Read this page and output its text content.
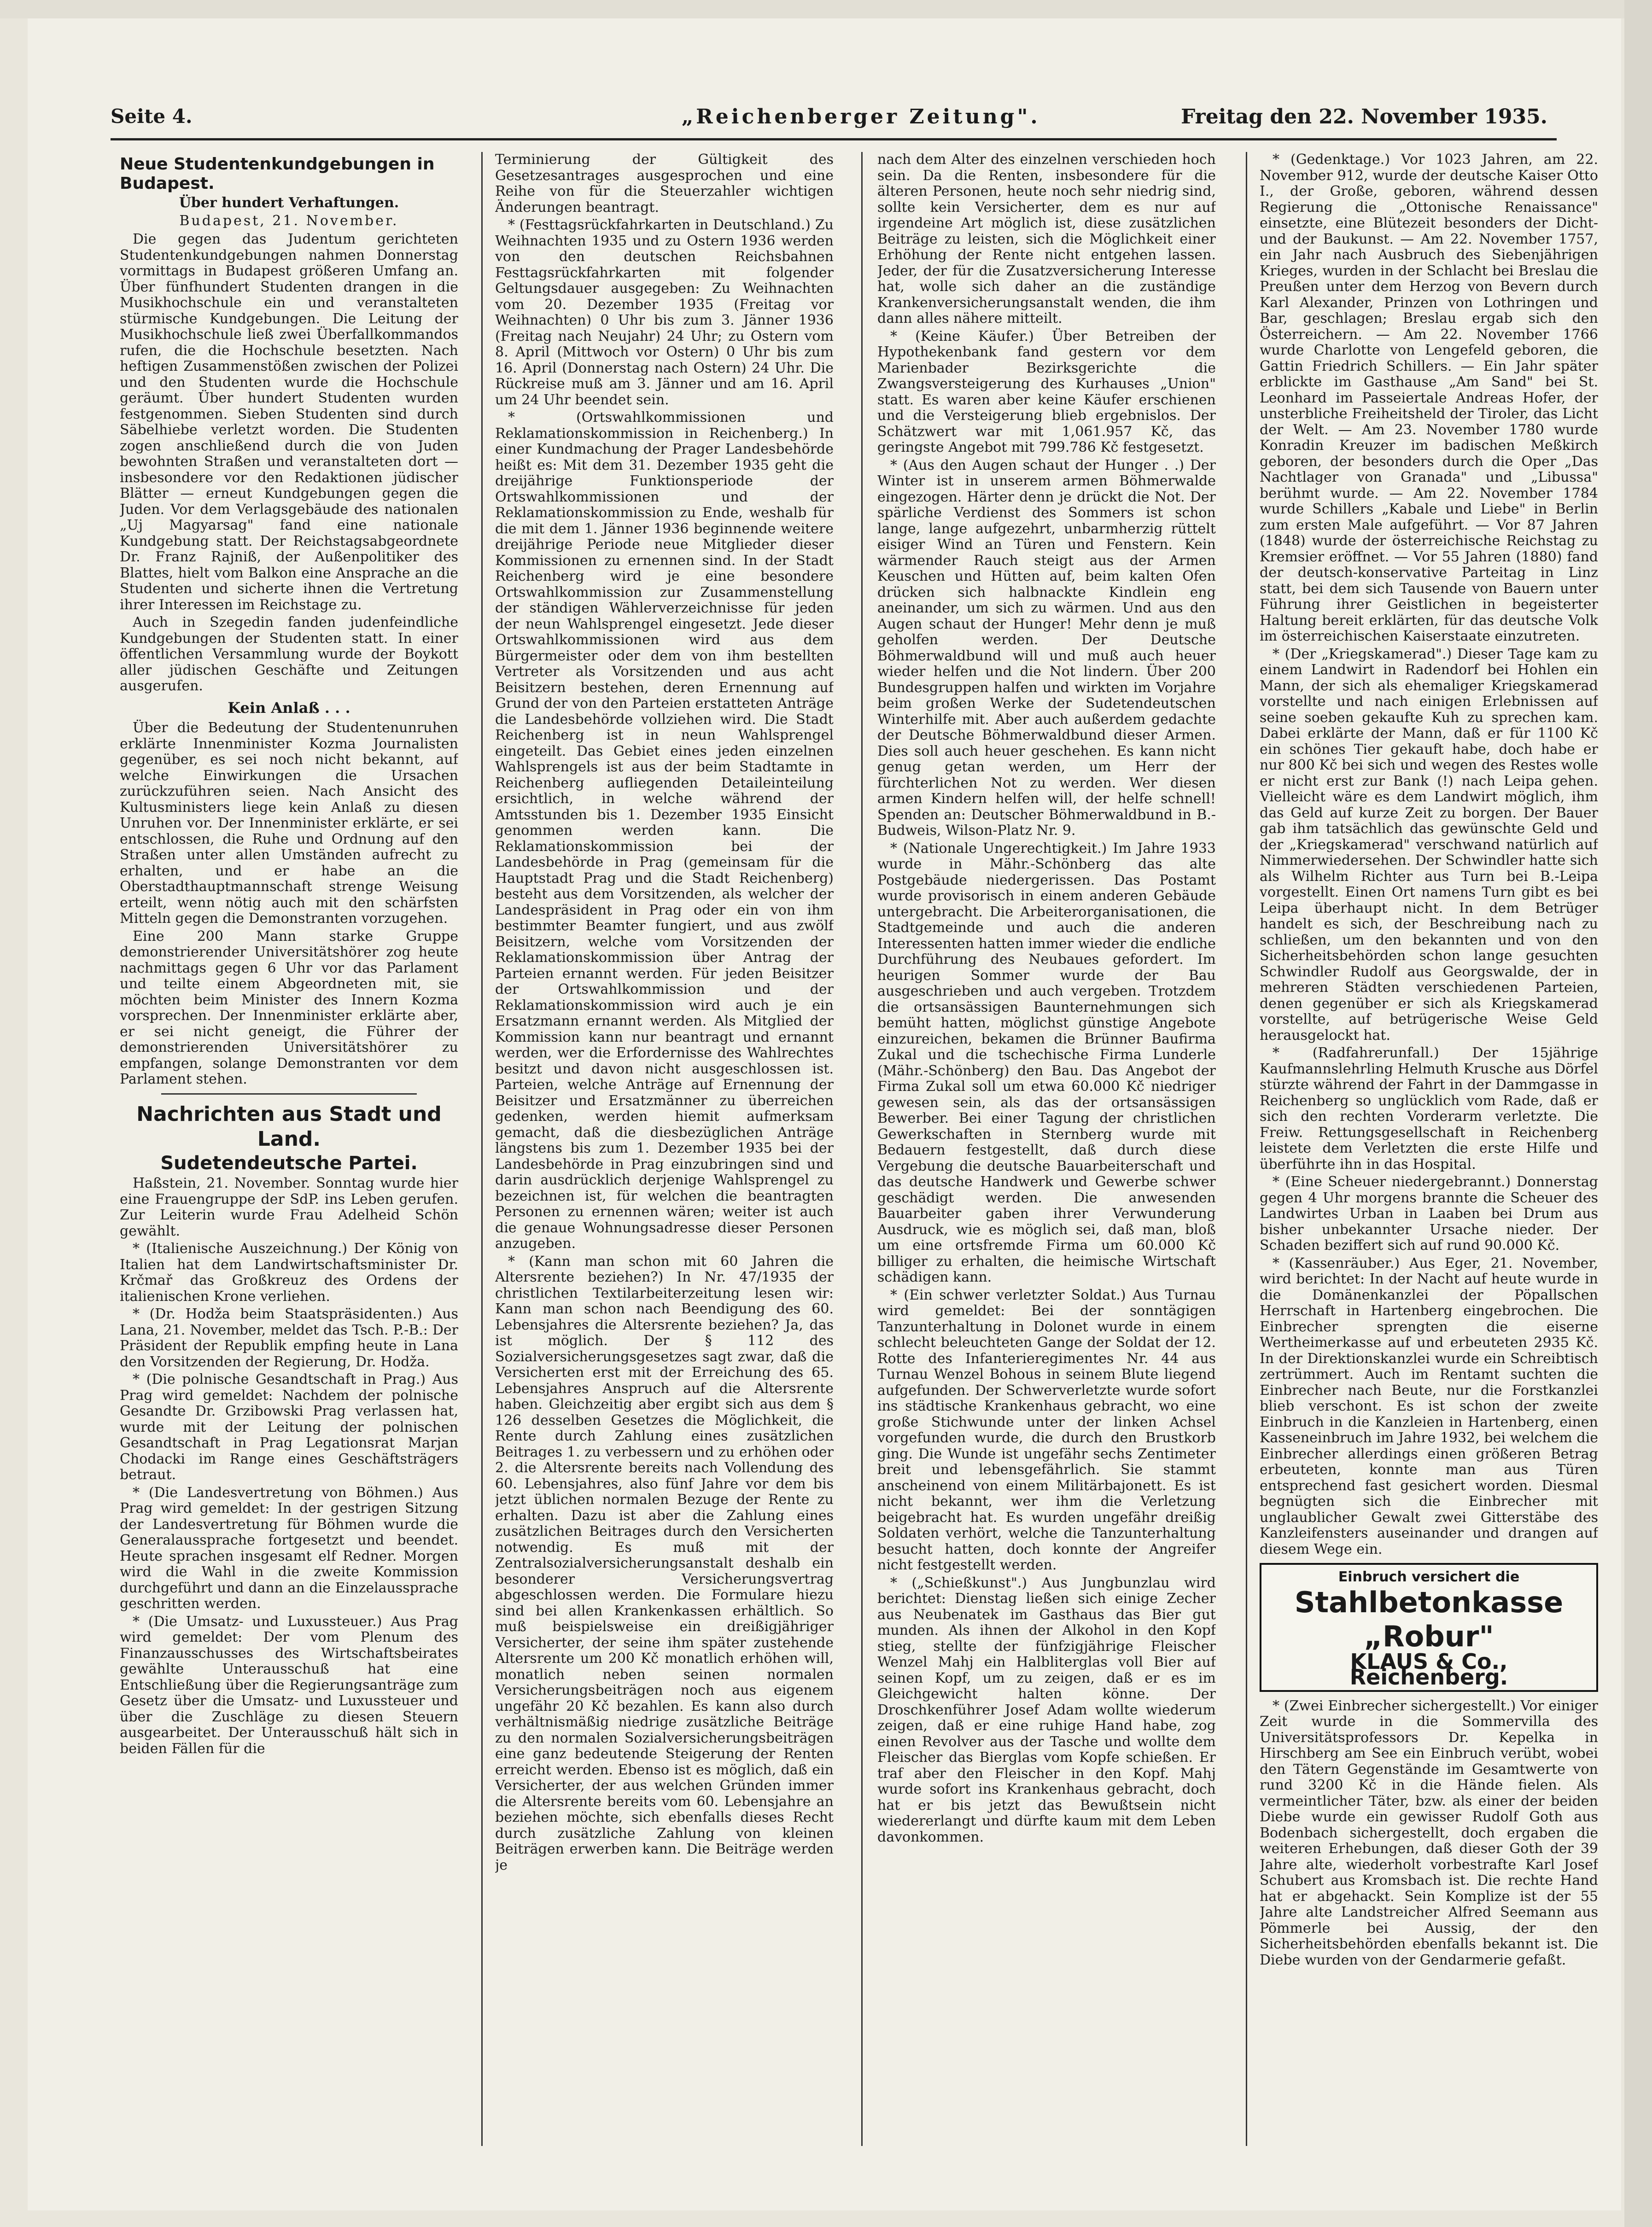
Seite 4.	„Reichenberger Zeitung".	Freitag den 22. November 1935.
Neue Studentenkundgebungen in Budapest.
Über hundert Verhaftungen.
Budapest, 21. November.

Die gegen das Judentum gerichteten Studentenkundgebungen nahmen Donnerstag vormittags in Budapest größeren Umfang an. Über fünfhundert Studenten drangen in die Musikhochschule ein und veranstalteten stürmische Kundgebungen. Die Leitung der Musikhochschule ließ zwei Überfallkommandos rufen, die die Hochschule besetzten. Nach heftigen Zusammenstößen zwischen der Polizei und den Studenten wurde die Hochschule geräumt. Über hundert Studenten wurden festgenommen. Sieben Studenten sind durch Säbelhiebe verletzt worden. Die Studenten zogen anschließend durch die von Juden bewohnten Straßen und veranstalteten dort — insbesondere vor den Redaktionen jüdischer Blätter — erneut Kundgebungen gegen die Juden. Vor dem Verlagsgebäude des nationalen „Uj Magyarsag" fand eine nationale Kundgebung statt. Der Reichstagsabgeordnete Dr. Franz Rajniß, der Außenpolitiker des Blattes, hielt vom Balkon eine Ansprache an die Studenten und sicherte ihnen die Vertretung ihrer Interessen im Reichstage zu.

Auch in Szegedin fanden judenfeindliche Kundgebungen der Studenten statt. In einer öffentlichen Versammlung wurde der Boykott aller jüdischen Geschäfte und Zeitungen ausgerufen.

Kein Anlaß . . .

Über die Bedeutung der Studentenunruhen erklärte Innenminister Kozma Journalisten gegenüber, es sei noch nicht bekannt, auf welche Einwirkungen die Ursachen zurückzuführen seien. Nach Ansicht des Kultusministers liege kein Anlaß zu diesen Unruhen vor. Der Innenminister erklärte, er sei entschlossen, die Ruhe und Ordnung auf den Straßen unter allen Umständen aufrecht zu erhalten, und er habe an die Oberstadthauptmannschaft strenge Weisung erteilt, wenn nötig auch mit den schärfsten Mitteln gegen die Demonstranten vorzugehen.

Eine 200 Mann starke Gruppe demonstrierender Universitätshörer zog heute nachmittags gegen 6 Uhr vor das Parlament und teilte einem Abgeordneten mit, sie möchten beim Minister des Innern Kozma vorsprechen. Der Innenminister erklärte aber, er sei nicht geneigt, die Führer der demonstrierenden Universitätshörer zu empfangen, solange Demonstranten vor dem Parlament stehen.

Nachrichten aus Stadt und Land.
Sudetendeutsche Partei.

Haßstein, 21. November. Sonntag wurde hier eine Frauengruppe der SdP. ins Leben gerufen. Zur Leiterin wurde Frau Adelheid Schön gewählt.

* (Italienische Auszeichnung.) Der König von Italien hat dem Landwirtschaftsminister Dr. Krčmař das Großkreuz des Ordens der italienischen Krone verliehen.

* (Dr. Hodža beim Staatspräsidenten.) Aus Lana, 21. November, meldet das Tsch. P.-B.: Der Präsident der Republik empfing heute in Lana den Vorsitzenden der Regierung, Dr. Hodža.

* (Die polnische Gesandtschaft in Prag.) Aus Prag wird gemeldet: Nachdem der polnische Gesandte Dr. Grzibowski Prag verlassen hat, wurde mit der Leitung der polnischen Gesandtschaft in Prag Legationsrat Marjan Chodacki im Range eines Geschäftsträgers betraut.

* (Die Landesvertretung von Böhmen.) Aus Prag wird gemeldet: In der gestrigen Sitzung der Landesvertretung für Böhmen wurde die Generalaussprache fortgesetzt und beendet. Heute sprachen insgesamt elf Redner. Morgen wird die Wahl in die zweite Kommission durchgeführt und dann an die Einzelaussprache geschritten werden.

* (Die Umsatz- und Luxussteuer.) Aus Prag wird gemeldet: Der vom Plenum des Finanzausschusses des Wirtschaftsbeirates gewählte Unterausschuß hat eine Entschließung über die Regierungsanträge zum Gesetz über die Umsatz- und Luxussteuer und über die Zuschläge zu diesen Steuern ausgearbeitet. Der Unterausschuß hält sich in beiden Fällen für die

Terminierung der Gültigkeit des Gesetzesantrages ausgesprochen und eine Reihe von für die Steuerzahler wichtigen Änderungen beantragt.

* (Festtagsrückfahrkarten in Deutschland.) Zu Weihnachten 1935 und zu Ostern 1936 werden von den deutschen Reichsbahnen Festtagsrückfahrkarten mit folgender Geltungsdauer ausgegeben: Zu Weihnachten vom 20. Dezember 1935 (Freitag vor Weihnachten) 0 Uhr bis zum 3. Jänner 1936 (Freitag nach Neujahr) 24 Uhr; zu Ostern vom 8. April (Mittwoch vor Ostern) 0 Uhr bis zum 16. April (Donnerstag nach Ostern) 24 Uhr. Die Rückreise muß am 3. Jänner und am 16. April um 24 Uhr beendet sein.

* (Ortswahlkommissionen und Reklamationskommission in Reichenberg.) In einer Kundmachung der Prager Landesbehörde heißt es: Mit dem 31. Dezember 1935 geht die dreijährige Funktionsperiode der Ortswahlkommissionen und der Reklamationskommission zu Ende, weshalb für die mit dem 1. Jänner 1936 beginnende weitere dreijährige Periode neue Mitglieder dieser Kommissionen zu ernennen sind. In der Stadt Reichenberg wird je eine besondere Ortswahlkommission zur Zusammenstellung der ständigen Wählerverzeichnisse für jeden der neun Wahlsprengel eingesetzt. Jede dieser Ortswahlkommissionen wird aus dem Bürgermeister oder dem von ihm bestellten Vertreter als Vorsitzenden und aus acht Beisitzern bestehen, deren Ernennung auf Grund der von den Parteien erstatteten Anträge die Landesbehörde vollziehen wird. Die Stadt Reichenberg ist in neun Wahlsprengel eingeteilt. Das Gebiet eines jeden einzelnen Wahlsprengels ist aus der beim Stadtamte in Reichenberg aufliegenden Detaileinteilung ersichtlich, in welche während der Amtsstunden bis 1. Dezember 1935 Einsicht genommen werden kann. Die Reklamationskommission bei der Landesbehörde in Prag (gemeinsam für die Hauptstadt Prag und die Stadt Reichenberg) besteht aus dem Vorsitzenden, als welcher der Landespräsident in Prag oder ein von ihm bestimmter Beamter fungiert, und aus zwölf Beisitzern, welche vom Vorsitzenden der Reklamationskommission über Antrag der Parteien ernannt werden. Für jeden Beisitzer der Ortswahlkommission und der Reklamationskommission wird auch je ein Ersatzmann ernannt werden. Als Mitglied der Kommission kann nur beantragt und ernannt werden, wer die Erfordernisse des Wahlrechtes besitzt und davon nicht ausgeschlossen ist. Parteien, welche Anträge auf Ernennung der Beisitzer und Ersatzmänner zu überreichen gedenken, werden hiemit aufmerksam gemacht, daß die diesbezüglichen Anträge längstens bis zum 1. Dezember 1935 bei der Landesbehörde in Prag einzubringen sind und darin ausdrücklich derjenige Wahlsprengel zu bezeichnen ist, für welchen die beantragten Personen zu ernennen wären; weiter ist auch die genaue Wohnungsadresse dieser Personen anzugeben.

* (Kann man schon mit 60 Jahren die Altersrente beziehen?) In Nr. 47/1935 der christlichen Textilarbeiterzeitung lesen wir: Kann man schon nach Beendigung des 60. Lebensjahres die Altersrente beziehen? Ja, das ist möglich. Der § 112 des Sozialversicherungsgesetzes sagt zwar, daß die Versicherten erst mit der Erreichung des 65. Lebensjahres Anspruch auf die Altersrente haben. Gleichzeitig aber ergibt sich aus dem § 126 desselben Gesetzes die Möglichkeit, die Rente durch Zahlung eines zusätzlichen Beitrages 1. zu verbessern und zu erhöhen oder 2. die Altersrente bereits nach Vollendung des 60. Lebensjahres, also fünf Jahre vor dem bis jetzt üblichen normalen Bezuge der Rente zu erhalten. Dazu ist aber die Zahlung eines zusätzlichen Beitrages durch den Versicherten notwendig. Es muß mit der Zentralsozialversicherungsanstalt deshalb ein besonderer Versicherungsvertrag abgeschlossen werden. Die Formulare hiezu sind bei allen Krankenkassen erhältlich. So muß beispielsweise ein dreißigjähriger Versicherter, der seine ihm später zustehende Altersrente um 200 Kč monatlich erhöhen will, monatlich neben seinen normalen Versicherungsbeiträgen noch aus eigenem ungefähr 20 Kč bezahlen. Es kann also durch verhältnismäßig niedrige zusätzliche Beiträge zu den normalen Sozialversicherungsbeiträgen eine ganz bedeutende Steigerung der Renten erreicht werden. Ebenso ist es möglich, daß ein Versicherter, der aus welchen Gründen immer die Altersrente bereits vom 60. Lebensjahre an beziehen möchte, sich ebenfalls dieses Recht durch zusätzliche Zahlung von kleinen Beiträgen erwerben kann. Die Beiträge werden je

nach dem Alter des einzelnen verschieden hoch sein. Da die Renten, insbesondere für die älteren Personen, heute noch sehr niedrig sind, sollte kein Versicherter, dem es nur auf irgendeine Art möglich ist, diese zusätzlichen Beiträge zu leisten, sich die Möglichkeit einer Erhöhung der Rente nicht entgehen lassen. Jeder, der für die Zusatzversicherung Interesse hat, wolle sich daher an die zuständige Krankenversicherungsanstalt wenden, die ihm dann alles nähere mitteilt.

* (Keine Käufer.) Über Betreiben der Hypothekenbank fand gestern vor dem Marienbader Bezirksgerichte die Zwangsversteigerung des Kurhauses „Union" statt. Es waren aber keine Käufer erschienen und die Versteigerung blieb ergebnislos. Der Schätzwert war mit 1,061.957 Kč, das geringste Angebot mit 799.786 Kč festgesetzt.

* (Aus den Augen schaut der Hunger . .) Der Winter ist in unserem armen Böhmerwalde eingezogen. Härter denn je drückt die Not. Der spärliche Verdienst des Sommers ist schon lange, lange aufgezehrt, unbarmherzig rüttelt eisiger Wind an Türen und Fenstern. Kein wärmender Rauch steigt aus der Armen Keuschen und Hütten auf, beim kalten Ofen drücken sich halbnackte Kindlein eng aneinander, um sich zu wärmen. Und aus den Augen schaut der Hunger! Mehr denn je muß geholfen werden. Der Deutsche Böhmerwaldbund will und muß auch heuer wieder helfen und die Not lindern. Über 200 Bundesgruppen halfen und wirkten im Vorjahre beim großen Werke der Sudetendeutschen Winterhilfe mit. Aber auch außerdem gedachte der Deutsche Böhmerwaldbund dieser Armen. Dies soll auch heuer geschehen. Es kann nicht genug getan werden, um Herr der fürchterlichen Not zu werden. Wer diesen armen Kindern helfen will, der helfe schnell! Spenden an: Deutscher Böhmerwaldbund in B.-Budweis, Wilson-Platz Nr. 9.

* (Nationale Ungerechtigkeit.) Im Jahre 1933 wurde in Mähr.-Schönberg das alte Postgebäude niedergerissen. Das Postamt wurde provisorisch in einem anderen Gebäude untergebracht. Die Arbeiterorganisationen, die Stadtgemeinde und auch die anderen Interessenten hatten immer wieder die endliche Durchführung des Neubaues gefordert. Im heurigen Sommer wurde der Bau ausgeschrieben und auch vergeben. Trotzdem die ortsansässigen Baunternehmungen sich bemüht hatten, möglichst günstige Angebote einzureichen, bekamen die Brünner Baufirma Zukal und die tschechische Firma Lunderle (Mähr.-Schönberg) den Bau. Das Angebot der Firma Zukal soll um etwa 60.000 Kč niedriger gewesen sein, als das der ortsansässigen Bewerber. Bei einer Tagung der christlichen Gewerkschaften in Sternberg wurde mit Bedauern festgestellt, daß durch diese Vergebung die deutsche Bauarbeiterschaft und das deutsche Handwerk und Gewerbe schwer geschädigt werden. Die anwesenden Bauarbeiter gaben ihrer Verwunderung Ausdruck, wie es möglich sei, daß man, bloß um eine ortsfremde Firma um 60.000 Kč billiger zu erhalten, die heimische Wirtschaft schädigen kann.

* (Ein schwer verletzter Soldat.) Aus Turnau wird gemeldet: Bei der sonntägigen Tanzunterhaltung in Dolonet wurde in einem schlecht beleuchteten Gange der Soldat der 12. Rotte des Infanterieregimentes Nr. 44 aus Turnau Wenzel Bohous in seinem Blute liegend aufgefunden. Der Schwerverletzte wurde sofort ins städtische Krankenhaus gebracht, wo eine große Stichwunde unter der linken Achsel vorgefunden wurde, die durch den Brustkorb ging. Die Wunde ist ungefähr sechs Zentimeter breit und lebensgefährlich. Sie stammt anscheinend von einem Militärbajonett. Es ist nicht bekannt, wer ihm die Verletzung beigebracht hat. Es wurden ungefähr dreißig Soldaten verhört, welche die Tanzunterhaltung besucht hatten, doch konnte der Angreifer nicht festgestellt werden.

* („Schießkunst".) Aus Jungbunzlau wird berichtet: Dienstag ließen sich einige Zecher aus Neubenatek im Gasthaus das Bier gut munden. Als ihnen der Alkohol in den Kopf stieg, stellte der fünfzigjährige Fleischer Wenzel Mahj ein Halbliterglas voll Bier auf seinen Kopf, um zu zeigen, daß er es im Gleichgewicht halten könne. Der Droschkenführer Josef Adam wollte wiederum zeigen, daß er eine ruhige Hand habe, zog einen Revolver aus der Tasche und wollte dem Fleischer das Bierglas vom Kopfe schießen. Er traf aber den Fleischer in den Kopf. Mahj wurde sofort ins Krankenhaus gebracht, doch hat er bis jetzt das Bewußtsein nicht wiedererlangt und dürfte kaum mit dem Leben davonkommen.

* (Gedenktage.) Vor 1023 Jahren, am 22. November 912, wurde der deutsche Kaiser Otto I., der Große, geboren, während dessen Regierung die „Ottonische Renaissance" einsetzte, eine Blütezeit besonders der Dicht- und der Baukunst. — Am 22. November 1757, ein Jahr nach Ausbruch des Siebenjährigen Krieges, wurden in der Schlacht bei Breslau die Preußen unter dem Herzog von Bevern durch Karl Alexander, Prinzen von Lothringen und Bar, geschlagen; Breslau ergab sich den Österreichern. — Am 22. November 1766 wurde Charlotte von Lengefeld geboren, die Gattin Friedrich Schillers. — Ein Jahr später erblickte im Gasthause „Am Sand" bei St. Leonhard im Passeiertale Andreas Hofer, der unsterbliche Freiheitsheld der Tiroler, das Licht der Welt. — Am 23. November 1780 wurde Konradin Kreuzer im badischen Meßkirch geboren, der besonders durch die Oper „Das Nachtlager von Granada" und „Libussa" berühmt wurde. — Am 22. November 1784 wurde Schillers „Kabale und Liebe" in Berlin zum ersten Male aufgeführt. — Vor 87 Jahren (1848) wurde der österreichische Reichstag zu Kremsier eröffnet. — Vor 55 Jahren (1880) fand der deutsch-konservative Parteitag in Linz statt, bei dem sich Tausende von Bauern unter Führung ihrer Geistlichen in begeisterter Haltung bereit erklärten, für das deutsche Volk im österreichischen Kaiserstaate einzutreten.

* (Der „Kriegskamerad".) Dieser Tage kam zu einem Landwirt in Radendorf bei Hohlen ein Mann, der sich als ehemaliger Kriegskamerad vorstellte und nach einigen Erlebnissen auf seine soeben gekaufte Kuh zu sprechen kam. Dabei erklärte der Mann, daß er für 1100 Kč ein schönes Tier gekauft habe, doch habe er nur 800 Kč bei sich und wegen des Restes wolle er nicht erst zur Bank (!) nach Leipa gehen. Vielleicht wäre es dem Landwirt möglich, ihm das Geld auf kurze Zeit zu borgen. Der Bauer gab ihm tatsächlich das gewünschte Geld und der „Kriegskamerad" verschwand natürlich auf Nimmerwiedersehen. Der Schwindler hatte sich als Wilhelm Richter aus Turn bei B.-Leipa vorgestellt. Einen Ort namens Turn gibt es bei Leipa überhaupt nicht. In dem Betrüger handelt es sich, der Beschreibung nach zu schließen, um den bekannten und von den Sicherheitsbehörden schon lange gesuchten Schwindler Rudolf aus Georgswalde, der in mehreren Städten verschiedenen Parteien, denen gegenüber er sich als Kriegskamerad vorstellte, auf betrügerische Weise Geld herausgelockt hat.

* (Radfahrerunfall.) Der 15jährige Kaufmannslehrling Helmuth Krusche aus Dörfel stürzte während der Fahrt in der Dammgasse in Reichenberg so unglücklich vom Rade, daß er sich den rechten Vorderarm verletzte. Die Freiw. Rettungsgesellschaft in Reichenberg leistete dem Verletzten die erste Hilfe und überführte ihn in das Hospital.

* (Eine Scheuer niedergebrannt.) Donnerstag gegen 4 Uhr morgens brannte die Scheuer des Landwirtes Urban in Laaben bei Drum aus bisher unbekannter Ursache nieder. Der Schaden beziffert sich auf rund 90.000 Kč.

* (Kassenräuber.) Aus Eger, 21. November, wird berichtet: In der Nacht auf heute wurde in die Domänenkanzlei der Pöpallschen Herrschaft in Hartenberg eingebrochen. Die Einbrecher sprengten die eiserne Wertheimerkasse auf und erbeuteten 2935 Kč. In der Direktionskanzlei wurde ein Schreibtisch zertrümmert. Auch im Rentamt suchten die Einbrecher nach Beute, nur die Forstkanzlei blieb verschont. Es ist schon der zweite Einbruch in die Kanzleien in Hartenberg, einen Kasseneinbruch im Jahre 1932, bei welchem die Einbrecher allerdings einen größeren Betrag erbeuteten, konnte man aus Türen entsprechend fast gesichert worden. Diesmal begnügten sich die Einbrecher mit unglaublicher Gewalt zwei Gitterstäbe des Kanzleifensters auseinander und drangen auf diesem Wege ein.

Einbruch versichert die
Stahlbetonkasse „Robur"
KLAUS & Co., Reichenberg.

* (Zwei Einbrecher sichergestellt.) Vor einiger Zeit wurde in die Sommervilla des Universitätsprofessors Dr. Kepelka in Hirschberg am See ein Einbruch verübt, wobei den Tätern Gegenstände im Gesamtwerte von rund 3200 Kč in die Hände fielen. Als vermeintlicher Täter, bzw. als einer der beiden Diebe wurde ein gewisser Rudolf Goth aus Bodenbach sichergestellt, doch ergaben die weiteren Erhebungen, daß dieser Goth der 39 Jahre alte, wiederholt vorbestrafte Karl Josef Schubert aus Kromsbach ist. Die rechte Hand hat er abgehackt. Sein Komplize ist der 55 Jahre alte Landstreicher Alfred Seemann aus Pömmerle bei Aussig, der den Sicherheitsbehörden ebenfalls bekannt ist. Die Diebe wurden von der Gendarmerie gefaßt.
